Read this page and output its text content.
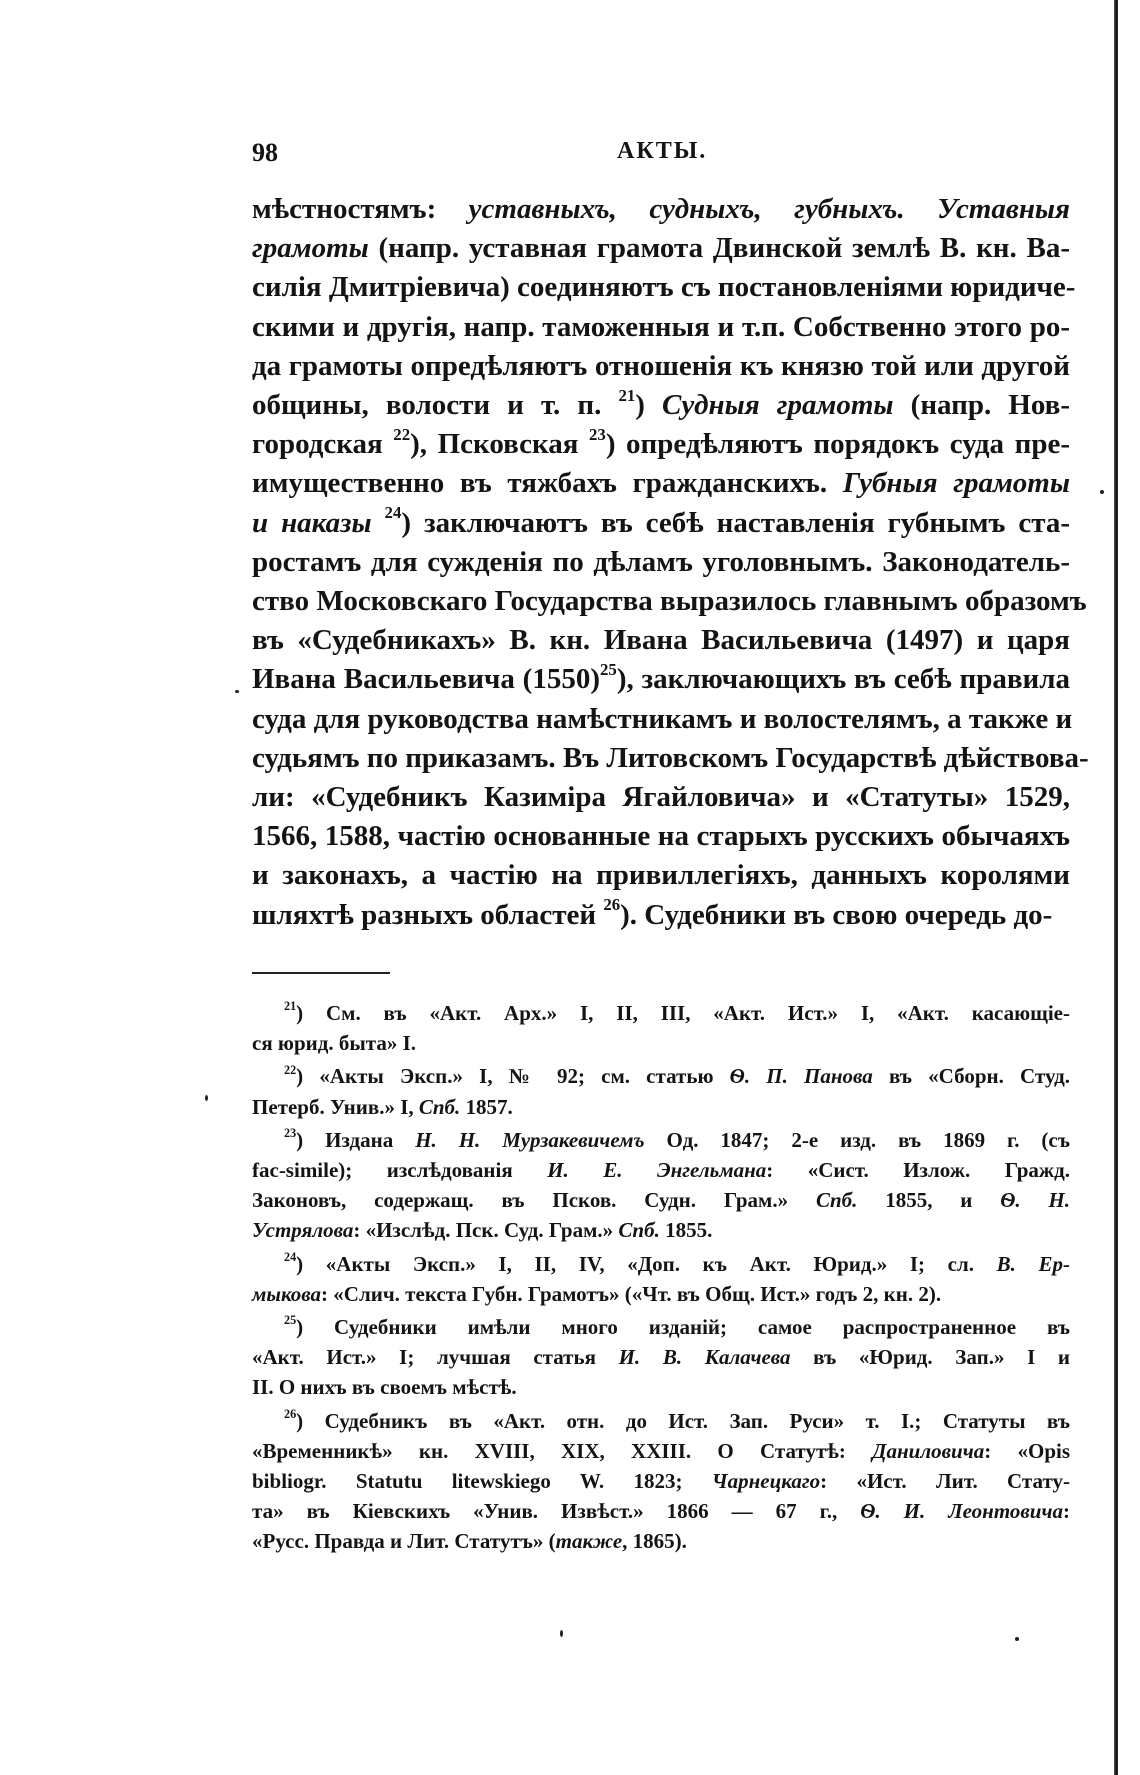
98	АКТЫ.
мѣстностямъ: уставныхъ, судныхъ, губныхъ. Уставныя
грамоты (напр. уставная грамота Двинской землѣ В. кн. Ва-
силія Дмитріевича) соединяютъ съ постановленіями юридиче-
скими и другія, напр. таможенныя и т.п. Собственно этого ро-
да грамоты опредѣляютъ отношенія къ князю той или другой
общины, волости и т. п. $^{21}$) Судныя грамоты (напр. Нов-
городская $^{22}$), Псковская $^{23}$) опредѣляютъ порядокъ суда пре-
имущественно въ тяжбахъ гражданскихъ. Губныя грамоты
и наказы $^{24}$) заключаютъ въ себѣ наставленія губнымъ ста-
ростамъ для сужденія по дѣламъ уголовнымъ. Законодатель-
ство Московскаго Государства выразилось главнымъ образомъ
въ «Судебникахъ» В. кн. Ивана Васильевича (1497) и царя
Ивана Васильевича $(1550)^{25}$), заключающихъ въ себѣ правила
суда для руководства намѣстникамъ и волостелямъ, а также и
судьямъ по приказамъ. Въ Литовскомъ Государствѣ дѣйствова-
ли: «Судебникъ Казиміра Ягайловича» и «Статуты» 1529,
1566, 1588, частію основанные на старыхъ русскихъ обычаяхъ
и законахъ, а частію на привиллегіяхъ, данныхъ королями
шляхтѣ разныхъ областей $^{26}$). Судебники въ свою очередь до-
$^{21}$) См. въ «Акт. Арх.» I, II, III, «Акт. Ист.» I, «Акт. касающіе-
ся юрид. быта» I.
$^{22}$) «Акты Эксп.» I, № 92; см. статью Ѳ. П. Панова въ «Сборн. Студ.
Петерб. Унив.» I, Спб. 1857.
$^{23}$) Издана Н. Н. Мурзакевичемъ Од. 1847; 2-е изд. въ 1869 г. (съ
fac-simile); изслѣдованія И. Е. Энгельмана: «Сист. Излож. Гражд.
Законовъ, содержащ. въ Псков. Судн. Грам.» Спб. 1855, и Ѳ. Н.
Устрялова: «Изслѣд. Пск. Суд. Грам.» Спб. 1855.
$^{24}$) «Акты Эксп.» I, II, IV, «Доп. къ Акт. Юрид.» I; сл. В. Ер-
мыкова: «Слич. текста Губн. Грамотъ» («Чт. въ Общ. Ист.» годъ 2, кн. 2).
$^{25}$) Судебники имѣли много изданій; самое распространенное въ
«Акт. Ист.» I; лучшая статья И. В. Калачева въ «Юрид. Зап.» I и
II. О нихъ въ своемъ мѣстѣ.
$^{26}$) Судебникъ въ «Акт. отн. до Ист. Зап. Руси» т. I.; Статуты въ
«Временникѣ» кн. XVIII, XIX, XXIII. О Статутѣ: Даниловича: «Opis
bibliogr. Statutu litewskiego W. 1823; Чарнецкаго: «Ист. Лит. Стату-
та» въ Кіевскихъ «Унив. Извѣст.» 1866 — 67 г., Ѳ. И. Леонтовича:
«Русс. Правда и Лит. Статутъ» (также, 1865).
